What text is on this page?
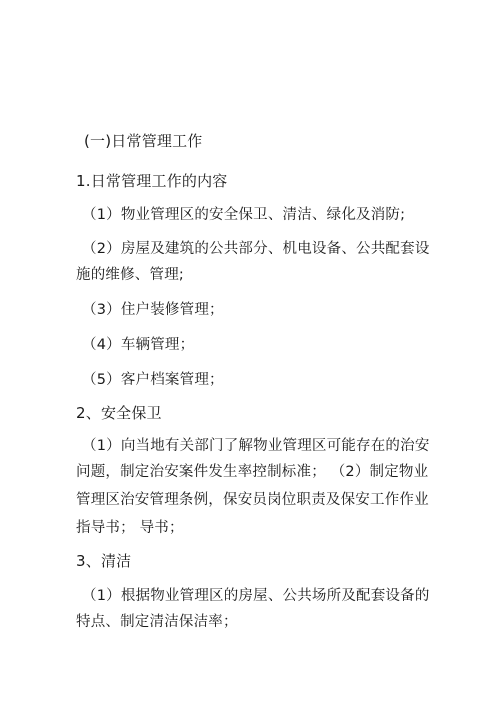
(一)日常管理工作
1.日常管理工作的内容
（1）物业管理区的安全保卫、清洁、绿化及消防;
（2）房屋及建筑的公共部分、机电设备、公共配套设
施的维修、管理;
（3）住户装修管理；
（4）车辆管理；
（5）客户档案管理；
2、安全保卫
（1）向当地有关部门了解物业管理区可能存在的治安
问题，制定治安案件发生率控制标准； （2）制定物业
管理区治安管理条例，保安员岗位职责及保安工作作业
指导书； 导书；
3、清洁
（1）根据物业管理区的房屋、公共场所及配套设备的
特点、制定清洁保洁率；
